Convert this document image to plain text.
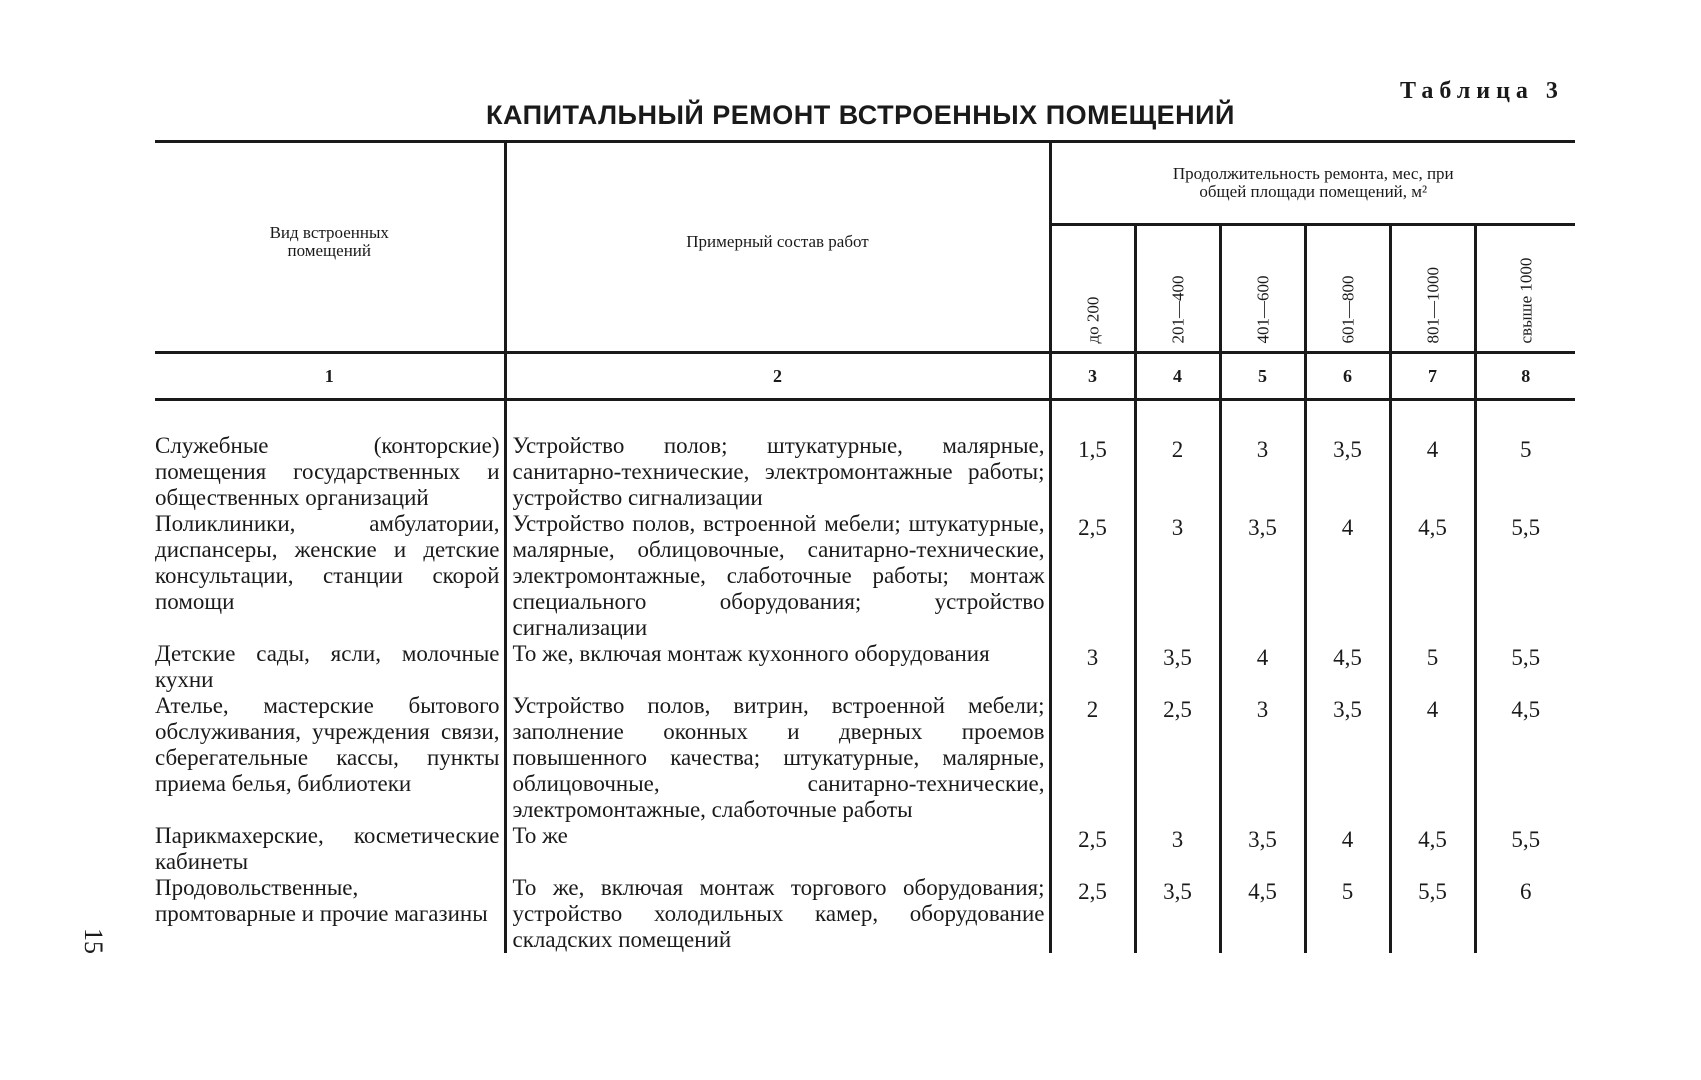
Таблица 3
КАПИТАЛЬНЫЙ РЕМОНТ ВСТРОЕННЫХ ПОМЕЩЕНИЙ
Вид встроенных помещений	Примерный состав работ	Продолжительность ремонта, мес, при общей площади помещений, м²					

		до 200	201—400	401—600	601—800	801—1000	свыше 1000

1	2	3	4	5	6	7	8

Служебные (конторские) помещения государственных и общественных организаций	Устройство полов; штукатурные, малярные, санитарно-технические, электромонтажные работы; устройство сигнализации	1,5	2	3	3,5	4	5
Поликлиники, амбулатории, диспансеры, женские и детские консультации, станции скорой помощи	Устройство полов, встроенной мебели; штукатурные, малярные, облицовочные, санитарно-технические, электромонтажные, слаботочные работы; монтаж специального оборудования; устройство сигнализации	2,5	3	3,5	4	4,5	5,5
Детские сады, ясли, молочные кухни	То же, включая монтаж кухонного оборудования	3	3,5	4	4,5	5	5,5
Ателье, мастерские бытового обслуживания, учреждения связи, сберегательные кассы, пункты приема белья, библиотеки	Устройство полов, витрин, встроенной мебели; заполнение оконных и дверных проемов повышенного качества; штукатурные, малярные, облицовочные, санитарно-технические, электромонтажные, слаботочные работы	2	2,5	3	3,5	4	4,5
Парикмахерские, косметические кабинеты	То же	2,5	3	3,5	4	4,5	5,5
Продовольственные, промтоварные и прочие магазины	То же, включая монтаж торгового оборудования; устройство холодильных камер, оборудование складских помещений	2,5	3,5	4,5	5	5,5	6
15
